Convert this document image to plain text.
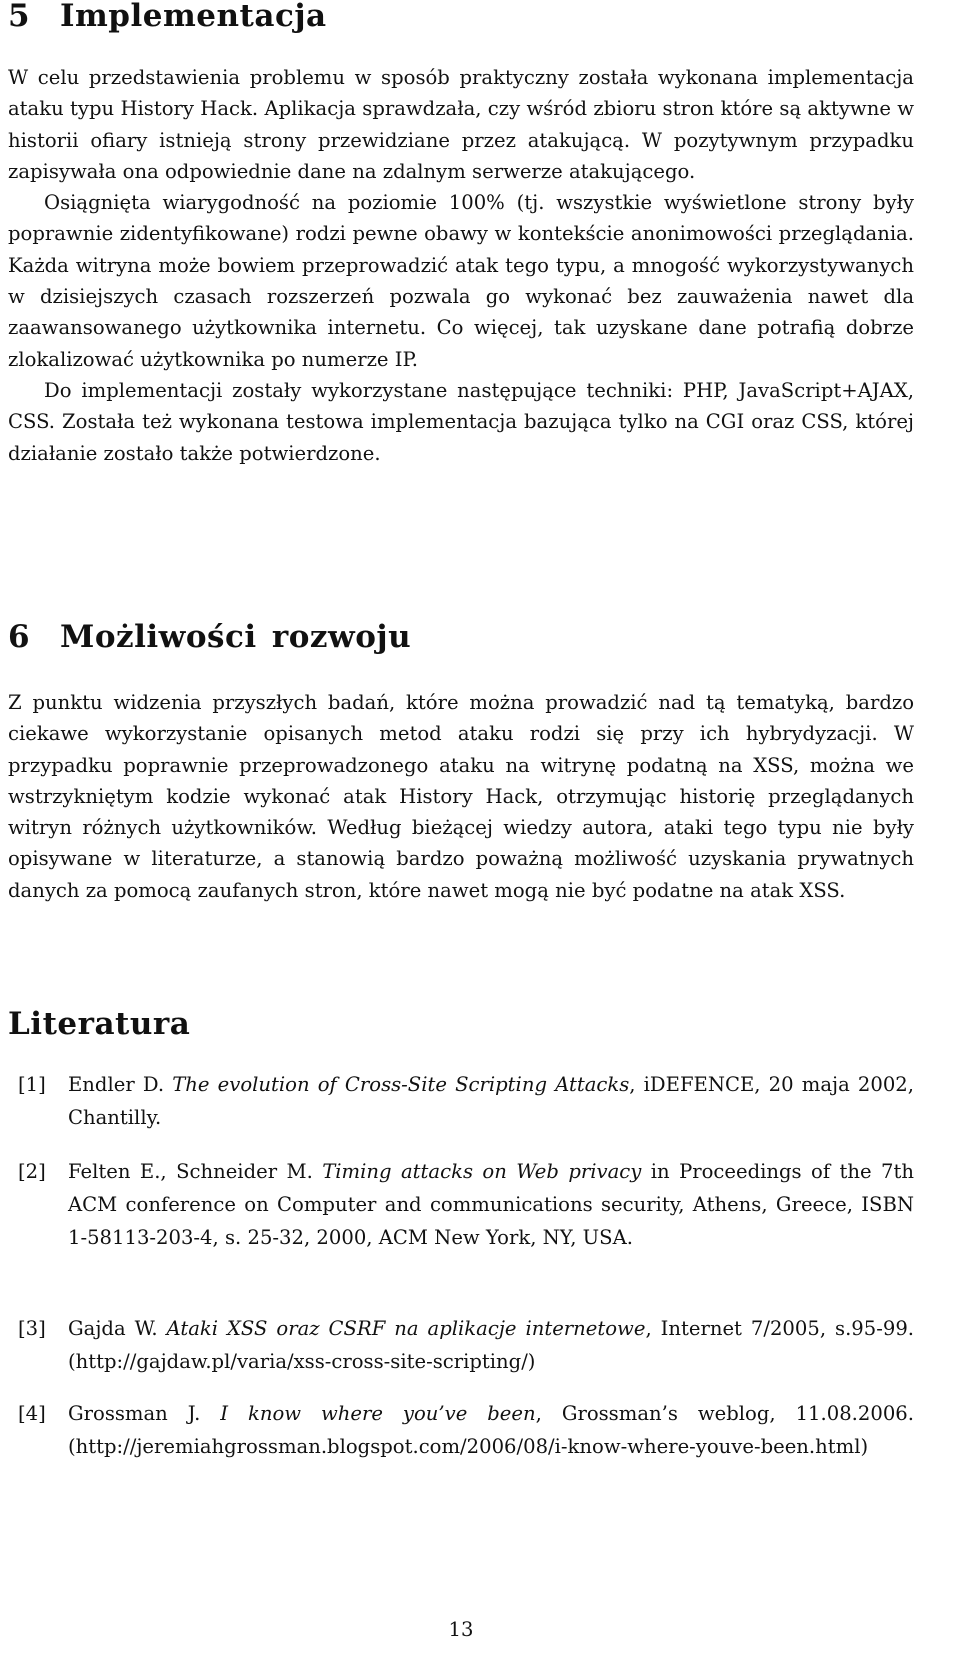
5 Implementacja

W celu przedstawienia problemu w sposób praktyczny została wykonana implementacja ataku typu History Hack. Aplikacja sprawdzała, czy wśród zbioru stron które są aktywne w historii ofiary istnieją strony przewidziane przez atakującą. W pozytywnym przypadku zapisywała ona odpowiednie dane na zdalnym serwerze atakującego.

Osiągnięta wiarygodność na poziomie 100% (tj. wszystkie wyświetlone strony były poprawnie zidentyfikowane) rodzi pewne obawy w kontekście anonimowości przeglądania. Każda witryna może bowiem przeprowadzić atak tego typu, a mnogość wykorzystywanych w dzisiejszych czasach rozszerzeń pozwala go wykonać bez zauważenia nawet dla zaawansowanego użytkownika internetu. Co więcej, tak uzyskane dane potrafią dobrze zlokalizować użytkownika po numerze IP.

Do implementacji zostały wykorzystane następujące techniki: PHP, JavaScript+AJAX, CSS. Została też wykonana testowa implementacja bazująca tylko na CGI oraz CSS, której działanie zostało także potwierdzone.

6 Możliwości rozwoju

Z punktu widzenia przyszłych badań, które można prowadzić nad tą tematyką, bardzo ciekawe wykorzystanie opisanych metod ataku rodzi się przy ich hybrydyzacji. W przypadku poprawnie przeprowadzonego ataku na witrynę podatną na XSS, można we wstrzykniętym kodzie wykonać atak History Hack, otrzymując historię przeglądanych witryn różnych użytkowników. Według bieżącej wiedzy autora, ataki tego typu nie były opisywane w literaturze, a stanowią bardzo poważną możliwość uzyskania prywatnych danych za pomocą zaufanych stron, które nawet mogą nie być podatne na atak XSS.

Literatura
[1] Endler D. The evolution of Cross-Site Scripting Attacks, iDEFENCE, 20 maja 2002, Chantilly.
[2] Felten E., Schneider M. Timing attacks on Web privacy in Proceedings of the 7th ACM conference on Computer and communications security, Athens, Greece, ISBN 1-58113-203-4, s. 25-32, 2000, ACM New York, NY, USA.
[3] Gajda W. Ataki XSS oraz CSRF na aplikacje internetowe, Internet 7/2005, s.95-99. (http://gajdaw.pl/varia/xss-cross-site-scripting/)
[4] Grossman J. I know where you’ve been, Grossman’s weblog, 11.08.2006. (http://jeremiahgrossman.blogspot.com/2006/08/i-know-where-youve-been.html)
13
